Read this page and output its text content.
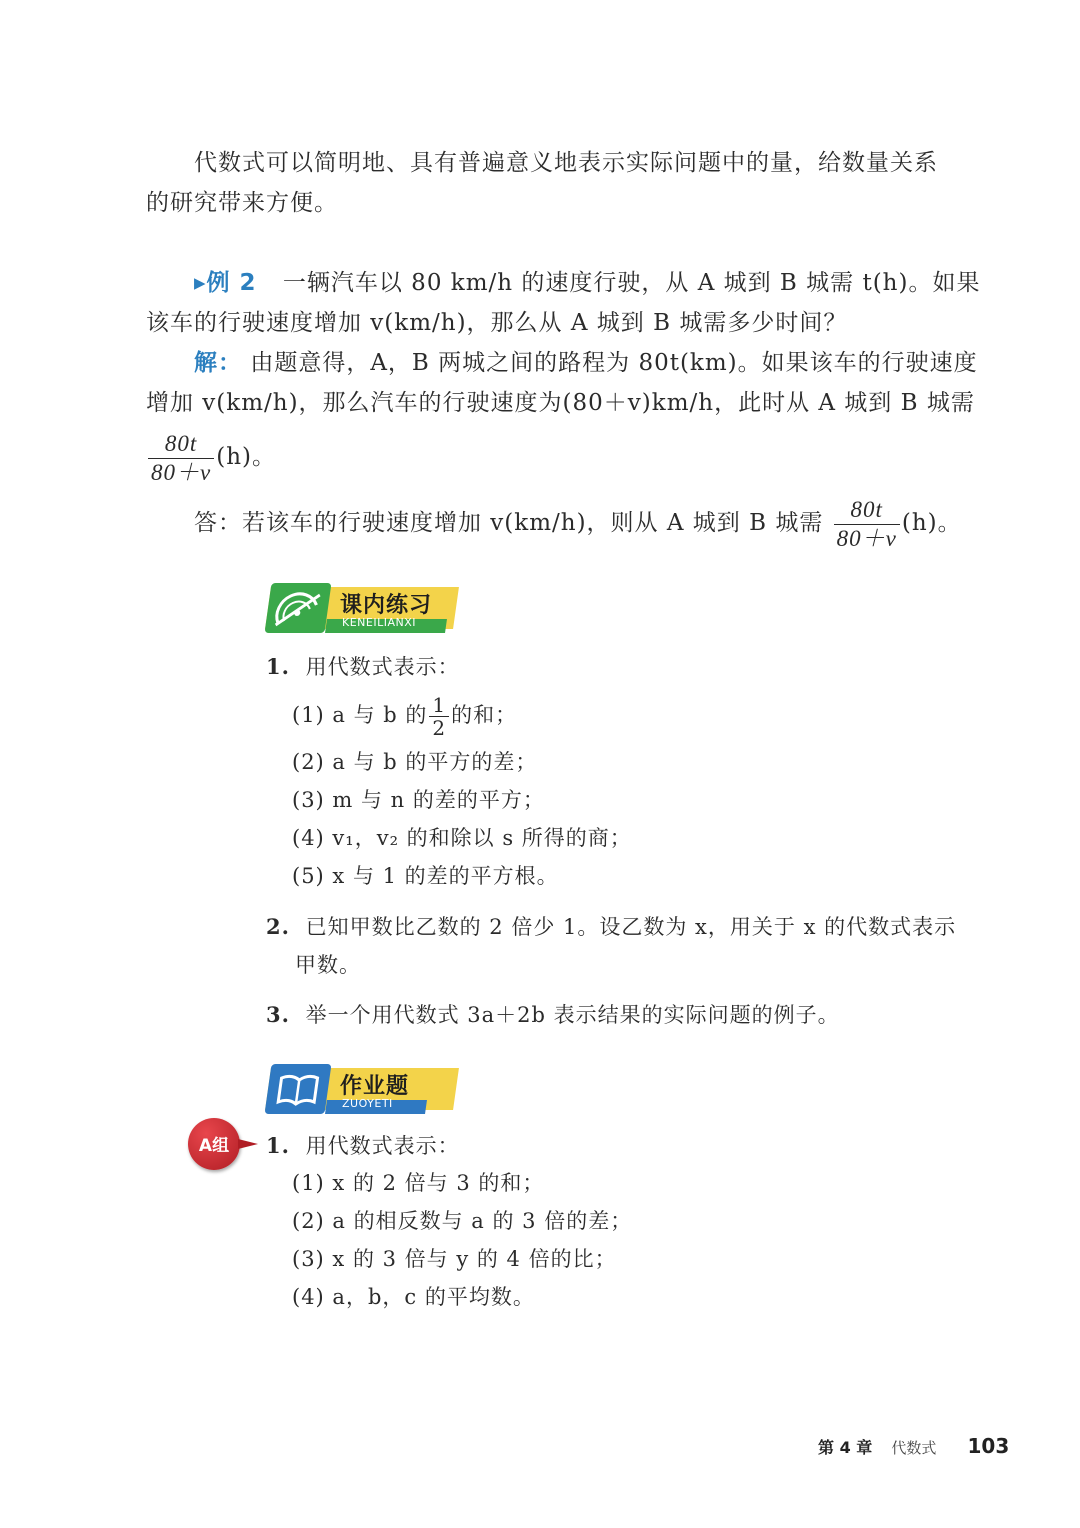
代数式可以简明地、具有普遍意义地表示实际问题中的量，给数量关系
的研究带来方便。
▸例 2 一辆汽车以 80 km/h 的速度行驶，从 A 城到 B 城需 t(h)。如果
该车的行驶速度增加 v(km/h)，那么从 A 城到 B 城需多少时间？
解： 由题意得，A，B 两城之间的路程为 80t(km)。如果该车的行驶速度
增加 v(km/h)，那么汽车的行驶速度为(80＋v)km/h，此时从 A 城到 B 城需
$\frac{80t}{80+v} (h)$。
答：若该车的行驶速度增加 v(km/h)，则从 A 城到 B 城需 $\frac{80t}{80+v} (h)$。
课内练习
KENEILIANXI
1. 用代数式表示：
(1) a 与 b 的 $\frac{1}{2}$ 的和；
(2) a 与 b 的平方的差；
(3) m 与 n 的差的平方；
(4) v₁，v₂ 的和除以 s 所得的商；
(5) x 与 1 的差的平方根。
2. 已知甲数比乙数的 2 倍少 1。设乙数为 x，用关于 x 的代数式表示
甲数。
3. 举一个用代数式 3a＋2b 表示结果的实际问题的例子。
作业题
ZUOYETI
A组	1. 用代数式表示：
(1) x 的 2 倍与 3 的和；
(2) a 的相反数与 a 的 3 倍的差；
(3) x 的 3 倍与 y 的 4 倍的比；
(4) a，b，c 的平均数。
第 4 章 代数式 103
